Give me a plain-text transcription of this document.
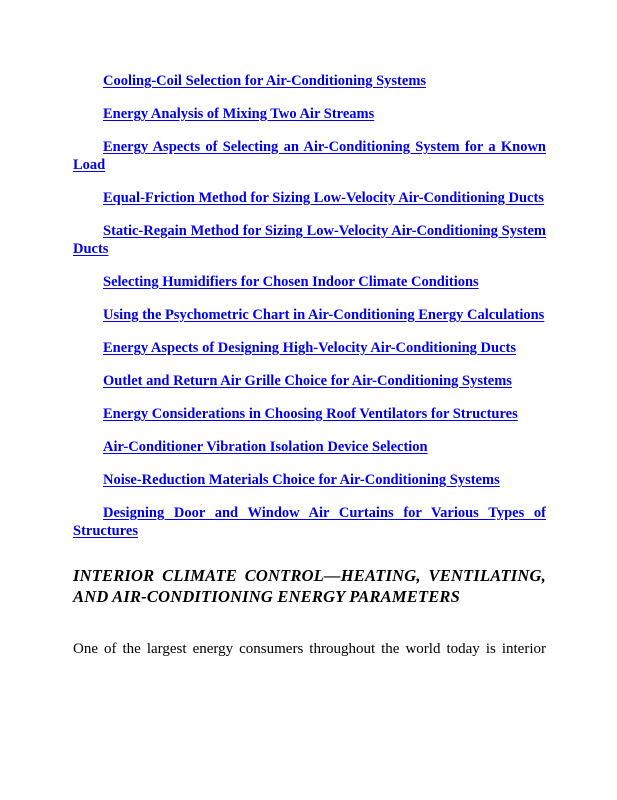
Cooling-Coil Selection for Air-Conditioning Systems
Energy Analysis of Mixing Two Air Streams
Energy Aspects of Selecting an Air-Conditioning System for a Known Load
Equal-Friction Method for Sizing Low-Velocity Air-Conditioning Ducts
Static-Regain Method for Sizing Low-Velocity Air-Conditioning System Ducts
Selecting Humidifiers for Chosen Indoor Climate Conditions
Using the Psychometric Chart in Air-Conditioning Energy Calculations
Energy Aspects of Designing High-Velocity Air-Conditioning Ducts
Outlet and Return Air Grille Choice for Air-Conditioning Systems
Energy Considerations in Choosing Roof Ventilators for Structures
Air-Conditioner Vibration Isolation Device Selection
Noise-Reduction Materials Choice for Air-Conditioning Systems
Designing Door and Window Air Curtains for Various Types of Structures
INTERIOR CLIMATE CONTROL—HEATING, VENTILATING, AND AIR-CONDITIONING ENERGY PARAMETERS

One of the largest energy consumers throughout the world today is interior
